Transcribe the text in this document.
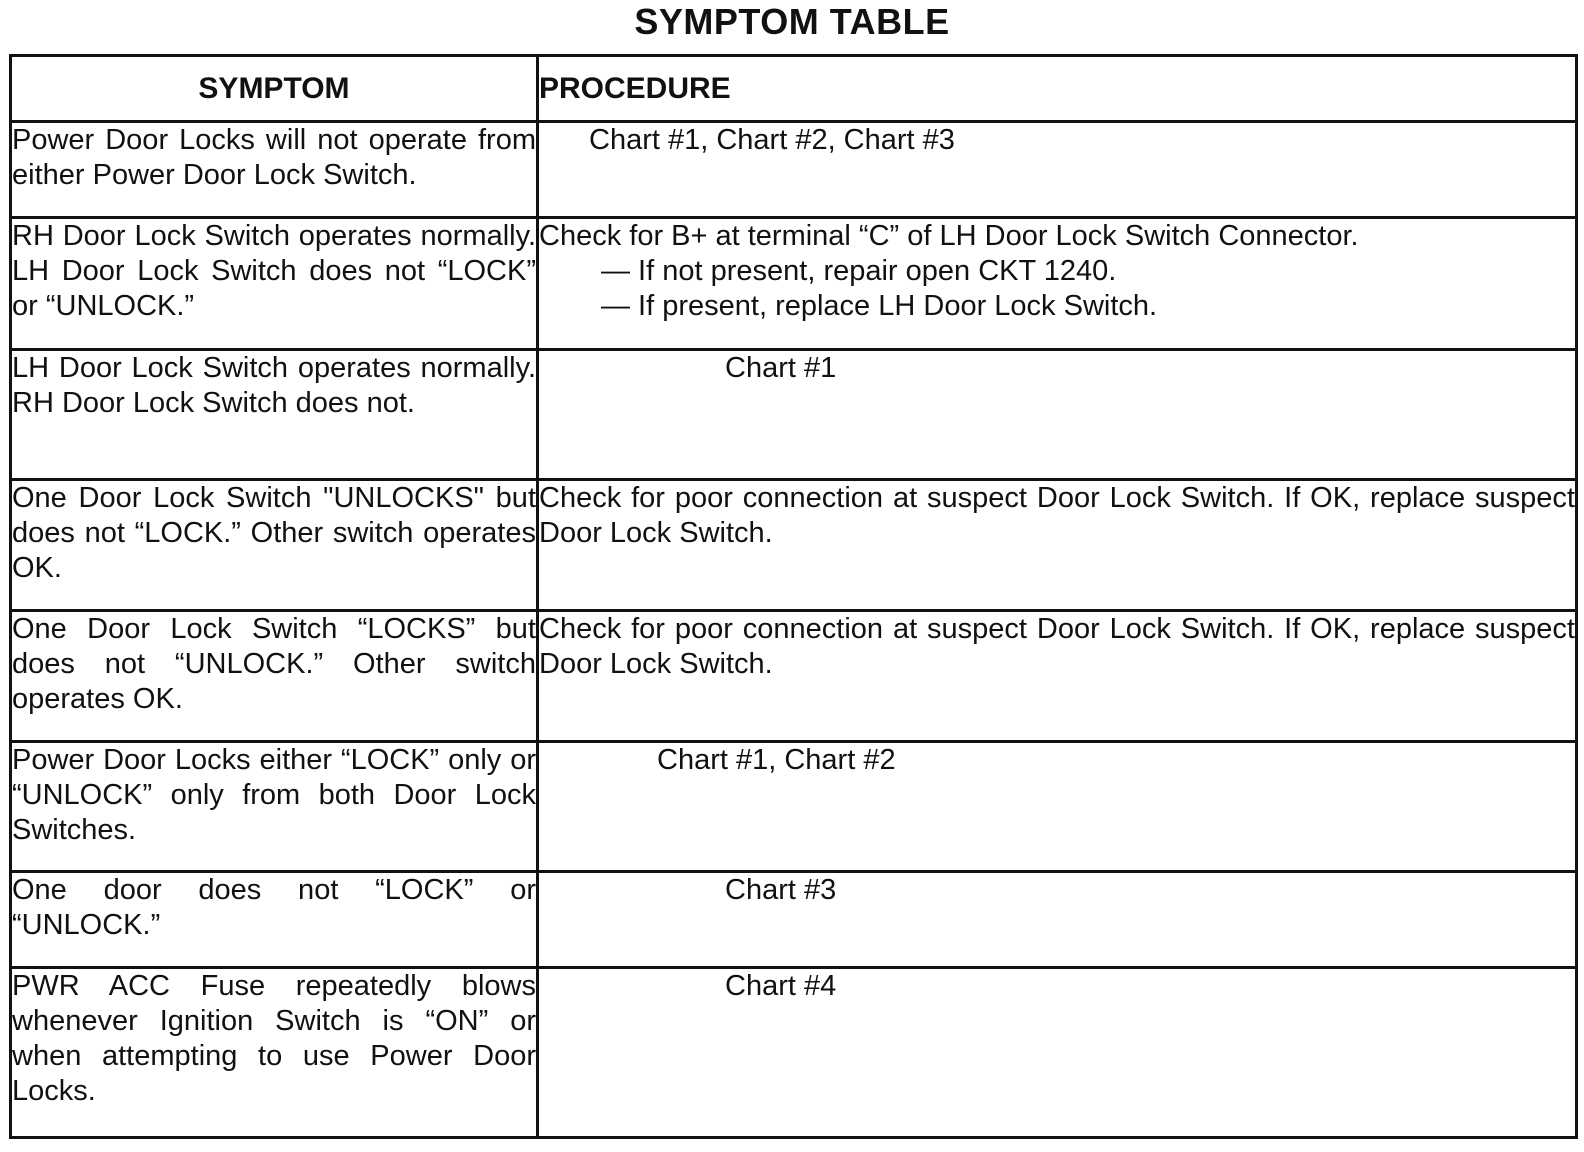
SYMPTOM TABLE
SYMPTOM	PROCEDURE
Power Door Locks will not operate from either Power Door Lock Switch.	Chart #1, Chart #2, Chart #3

RH Door Lock Switch operates normally. LH Door Lock Switch does not “LOCK” or “UNLOCK.”	Check for B+ at terminal “C” of LH Door Lock Switch Connector.
— If not present, repair open CKT 1240.
— If present, replace LH Door Lock Switch.

LH Door Lock Switch operates normally. RH Door Lock Switch does not.	Chart #1

One Door Lock Switch "UNLOCKS" but does not “LOCK.” Other switch operates OK.	Check for poor connection at suspect Door Lock Switch. If OK, replace suspect Door Lock Switch.
One Door Lock Switch “LOCKS” but does not “UNLOCK.” Other switch operates OK.	Check for poor connection at suspect Door Lock Switch. If OK, replace suspect Door Lock Switch.
Power Door Locks either “LOCK” only or “UNLOCK” only from both Door Lock Switches.	Chart #1, Chart #2

One door does not “LOCK” or “UNLOCK.”	Chart #3

PWR ACC Fuse repeatedly blows whenever Ignition Switch is “ON” or when attempting to use Power Door Locks.	Chart #4
